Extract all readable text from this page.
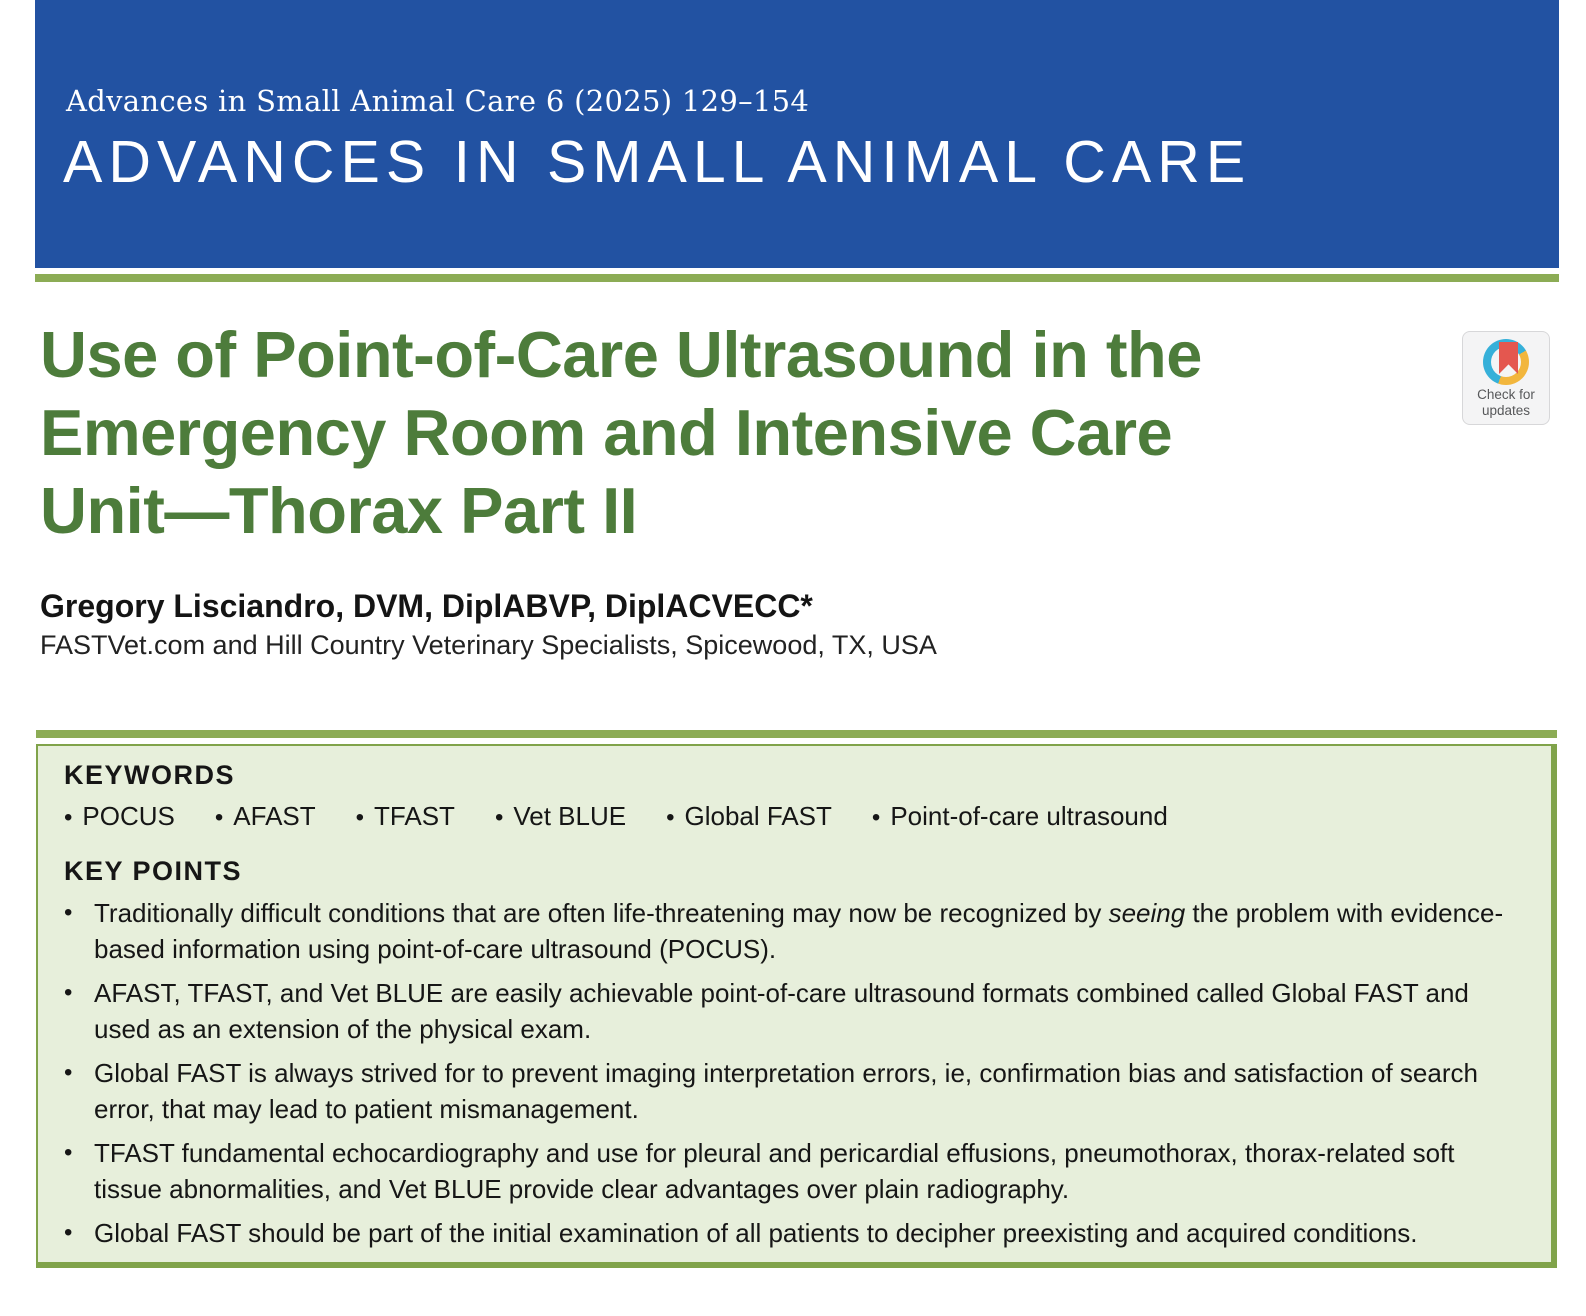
Advances in Small Animal Care 6 (2025) 129–154
ADVANCES IN SMALL ANIMAL CARE
Use of Point-of-Care Ultrasound in the
Emergency Room and Intensive Care
Unit—Thorax Part II
Check for
updates
Gregory Lisciandro, DVM, DiplABVP, DiplACVECC*
FASTVet.com and Hill Country Veterinary Specialists, Spicewood, TX, USA
KEYWORDS
• POCUS • AFAST • TFAST • Vet BLUE • Global FAST • Point-of-care ultrasound
KEY POINTS
• Traditionally difficult conditions that are often life-threatening may now be recognized by seeing the problem with evidence-based information using point-of-care ultrasound (POCUS).
• AFAST, TFAST, and Vet BLUE are easily achievable point-of-care ultrasound formats combined called Global FAST and used as an extension of the physical exam.
• Global FAST is always strived for to prevent imaging interpretation errors, ie, confirmation bias and satisfaction of search error, that may lead to patient mismanagement.
• TFAST fundamental echocardiography and use for pleural and pericardial effusions, pneumothorax, thorax-related soft tissue abnormalities, and Vet BLUE provide clear advantages over plain radiography.
• Global FAST should be part of the initial examination of all patients to decipher preexisting and acquired conditions.
